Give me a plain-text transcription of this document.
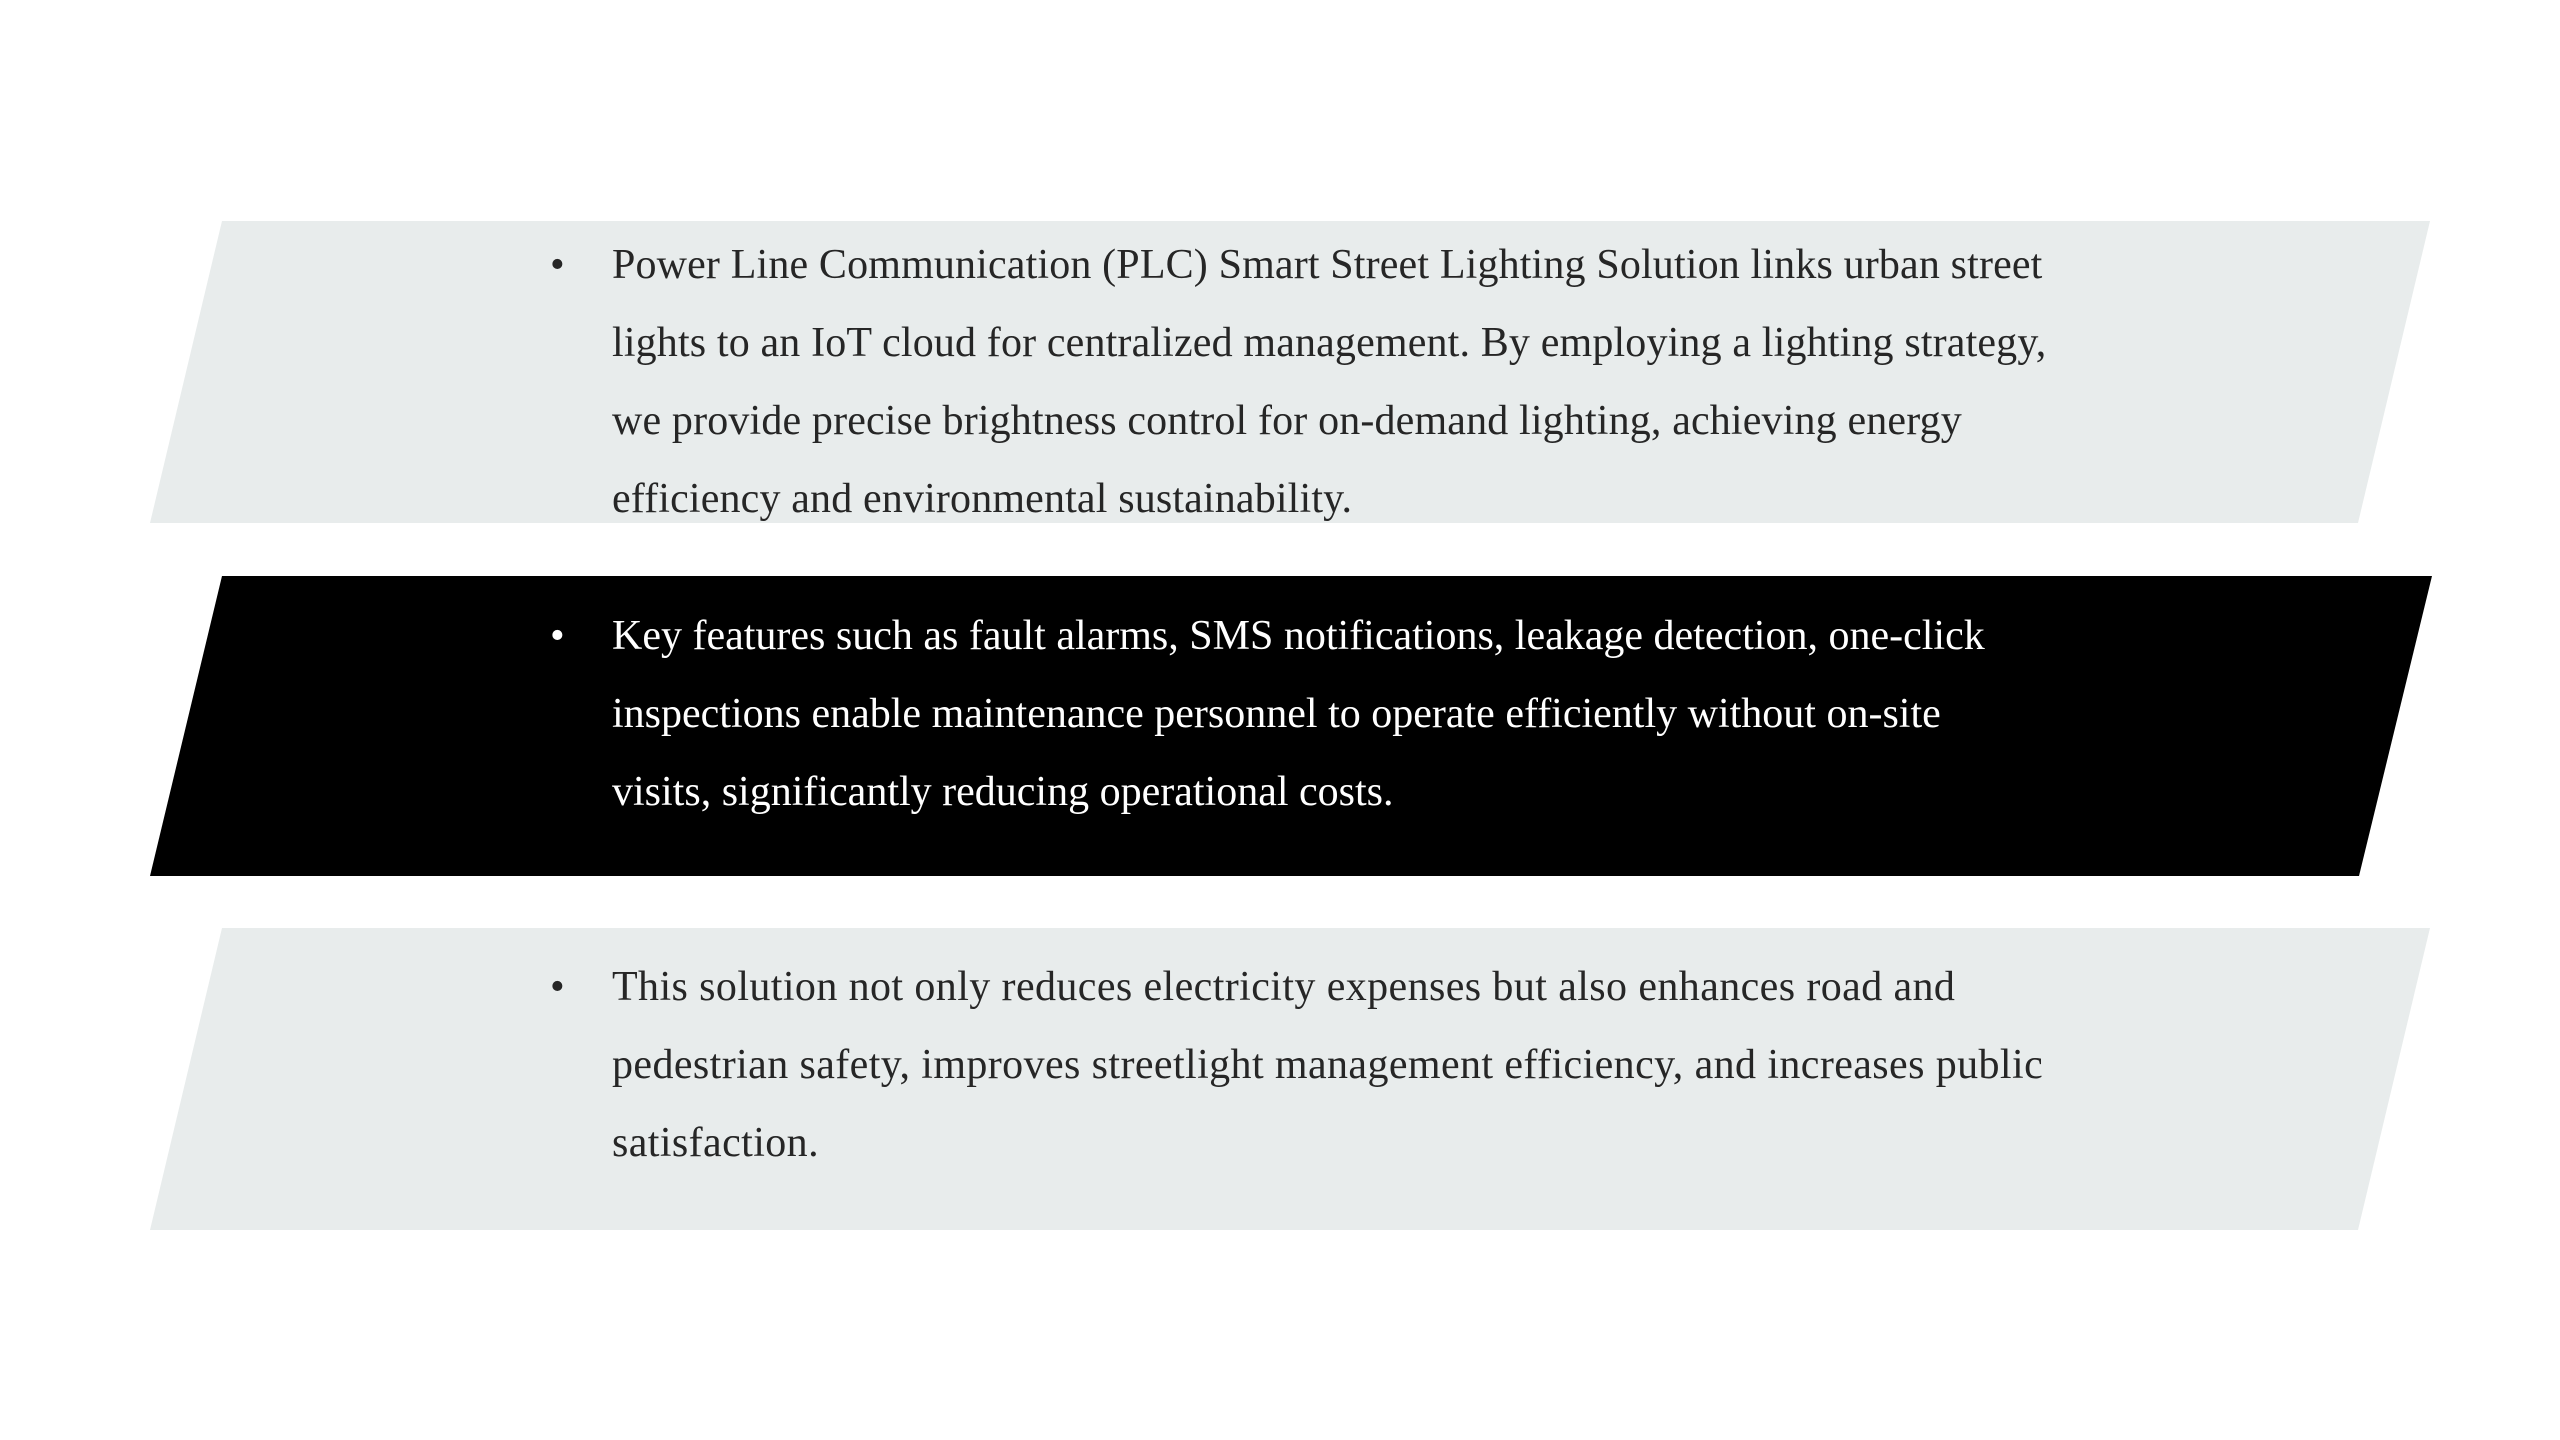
• Power Line Communication (PLC) Smart Street Lighting Solution links urban street lights to an IoT cloud for centralized management. By employing a lighting strategy, we provide precise brightness control for on-demand lighting, achieving energy efficiency and environmental sustainability.
• Key features such as fault alarms, SMS notifications, leakage detection, one-click inspections enable maintenance personnel to operate efficiently without on-site visits, significantly reducing operational costs.
• This solution not only reduces electricity expenses but also enhances road and pedestrian safety, improves streetlight management efficiency, and increases public satisfaction.
